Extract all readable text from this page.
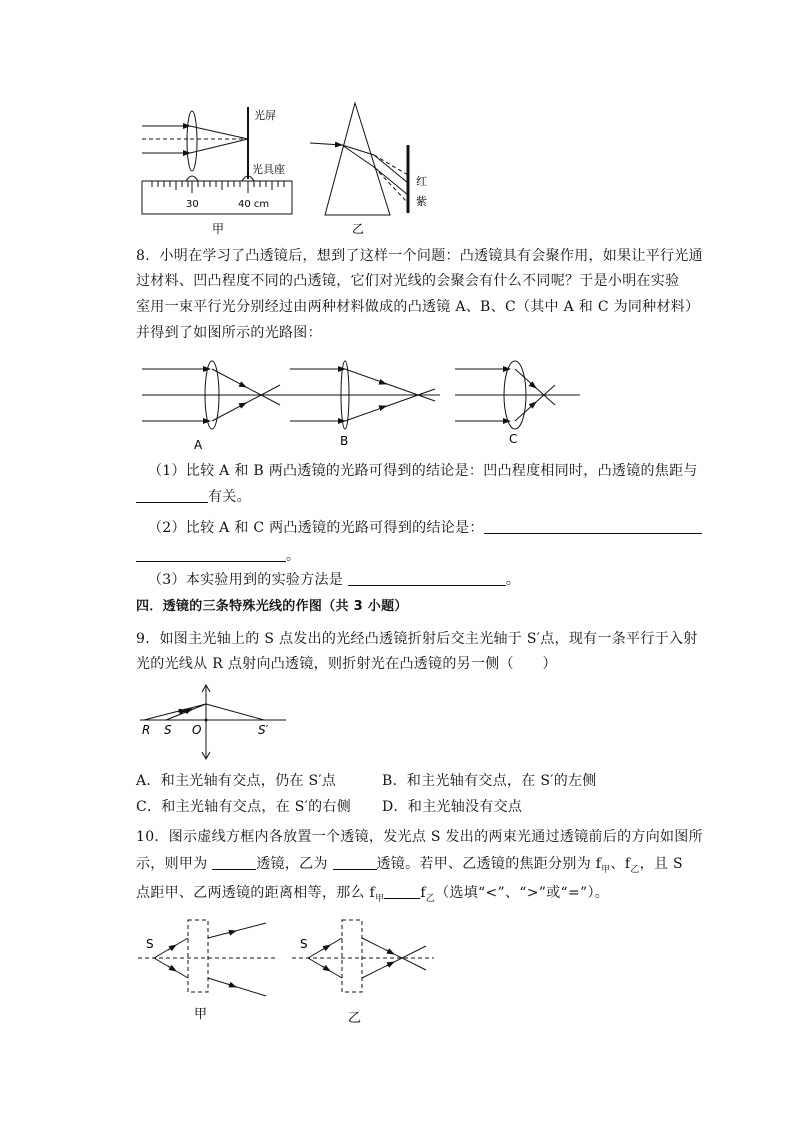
光屏
光具座
30	40 cm
甲
红
紫
乙
8．小明在学习了凸透镜后，想到了这样一个问题：凸透镜具有会聚作用，如果让平行光通
过材料、凹凸程度不同的凸透镜，它们对光线的会聚会有什么不同呢？于是小明在实验
室用一束平行光分别经过由两种材料做成的凸透镜 A、B、C（其中 A 和 C 为同种材料）
并得到了如图所示的光路图：
A	B	C
（1）比较 A 和 B 两凸透镜的光路可得到的结论是：凹凸程度相同时，凸透镜的焦距与
有关。
（2）比较 A 和 C 两凸透镜的光路可得到的结论是：
。
（3）本实验用到的实验方法是	。
四．透镜的三条特殊光线的作图（共 3 小题）
9．如图主光轴上的 S 点发出的光经凸透镜折射后交主光轴于 S′点，现有一条平行于入射
光的光线从 R 点射向凸透镜，则折射光在凸透镜的另一侧（　　）
R S O	S′
A．和主光轴有交点，仍在 S′点	B．和主光轴有交点，在 S′的左侧
C．和主光轴有交点，在 S′的右侧 D．和主光轴没有交点
10．图示虚线方框内各放置一个透镜，发光点 S 发出的两束光通过透镜前后的方向如图所
示，则甲为	透镜，乙为	透镜。若甲、乙透镜的焦距分别为 $f_甲$、$f_乙$，且 S
点距甲、乙两透镜的距离相等，那么 $f_甲$	$f_乙$（选填“<”、“>”或“=”）。
S
甲
S
乙
